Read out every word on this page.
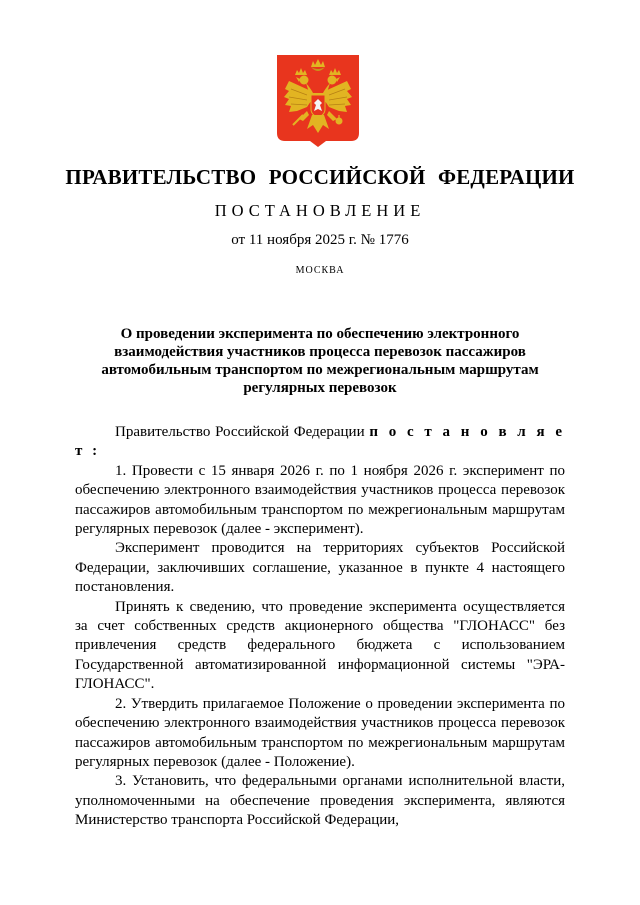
ПРАВИТЕЛЬСТВО РОССИЙСКОЙ ФЕДЕРАЦИИ
ПОСТАНОВЛЕНИЕ
от 11 ноября 2025 г. № 1776
МОСКВА
О проведении эксперимента по обеспечению электронного взаимодействия участников процесса перевозок пассажиров автомобильным транспортом по межрегиональным маршрутам регулярных перевозок

Правительство Российской Федерации п о с т а н о в л я е т :

1. Провести с 15 января 2026 г. по 1 ноября 2026 г. эксперимент по обеспечению электронного взаимодействия участников процесса перевозок пассажиров автомобильным транспортом по межрегиональным маршрутам регулярных перевозок (далее - эксперимент).

Эксперимент проводится на территориях субъектов Российской Федерации, заключивших соглашение, указанное в пункте 4 настоящего постановления.

Принять к сведению, что проведение эксперимента осуществляется за счет собственных средств акционерного общества "ГЛОНАСС" без привлечения средств федерального бюджета с использованием Государственной автоматизированной информационной системы "ЭРА-ГЛОНАСС".

2. Утвердить прилагаемое Положение о проведении эксперимента по обеспечению электронного взаимодействия участников процесса перевозок пассажиров автомобильным транспортом по межрегиональным маршрутам регулярных перевозок (далее - Положение).

3. Установить, что федеральными органами исполнительной власти, уполномоченными на обеспечение проведения эксперимента, являются Министерство транспорта Российской Федерации,
